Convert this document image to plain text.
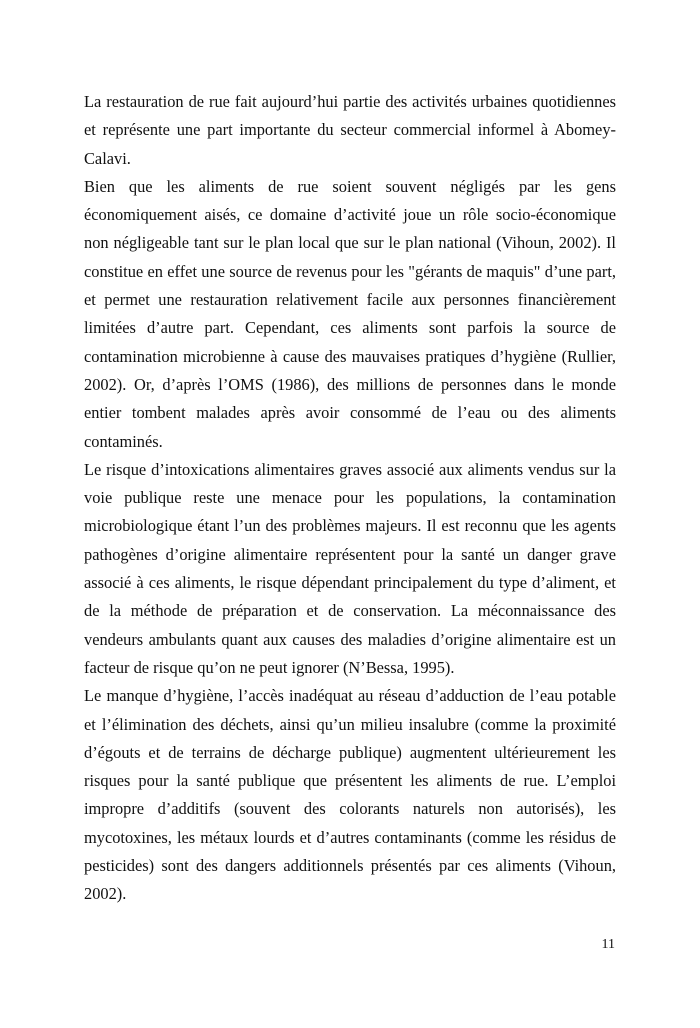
La restauration de rue fait aujourd’hui partie des activités urbaines quotidiennes et représente une part importante du secteur commercial informel à Abomey-Calavi.

Bien que les aliments de rue soient souvent négligés par les gens économiquement aisés, ce domaine d’activité joue un rôle socio-économique non négligeable tant sur le plan local que sur le plan national (Vihoun, 2002). Il constitue en effet une source de revenus pour les "gérants de maquis" d’une part, et permet une restauration relativement facile aux personnes financièrement limitées d’autre part. Cependant, ces aliments sont parfois la source de contamination microbienne à cause des mauvaises pratiques d’hygiène (Rullier, 2002). Or, d’après l’OMS (1986), des millions de personnes dans le monde entier tombent malades après avoir consommé de l’eau ou des aliments contaminés.

Le risque d’intoxications alimentaires graves associé aux aliments vendus sur la voie publique reste une menace pour les populations, la contamination microbiologique étant l’un des problèmes majeurs. Il est reconnu que les agents pathogènes d’origine alimentaire représentent pour la santé un danger grave associé à ces aliments, le risque dépendant principalement du type d’aliment, et de la méthode de préparation et de conservation. La méconnaissance des vendeurs ambulants quant aux causes des maladies d’origine alimentaire est un facteur de risque qu’on ne peut ignorer (N’Bessa, 1995).

Le manque d’hygiène, l’accès inadéquat au réseau d’adduction de l’eau potable et l’élimination des déchets, ainsi qu’un milieu insalubre (comme la proximité d’égouts et de terrains de décharge publique) augmentent ultérieurement les risques pour la santé publique que présentent les aliments de rue. L’emploi impropre d’additifs (souvent des colorants naturels non autorisés), les mycotoxines, les métaux lourds et d’autres contaminants (comme les résidus de pesticides) sont des dangers additionnels présentés par ces aliments (Vihoun, 2002).

11
